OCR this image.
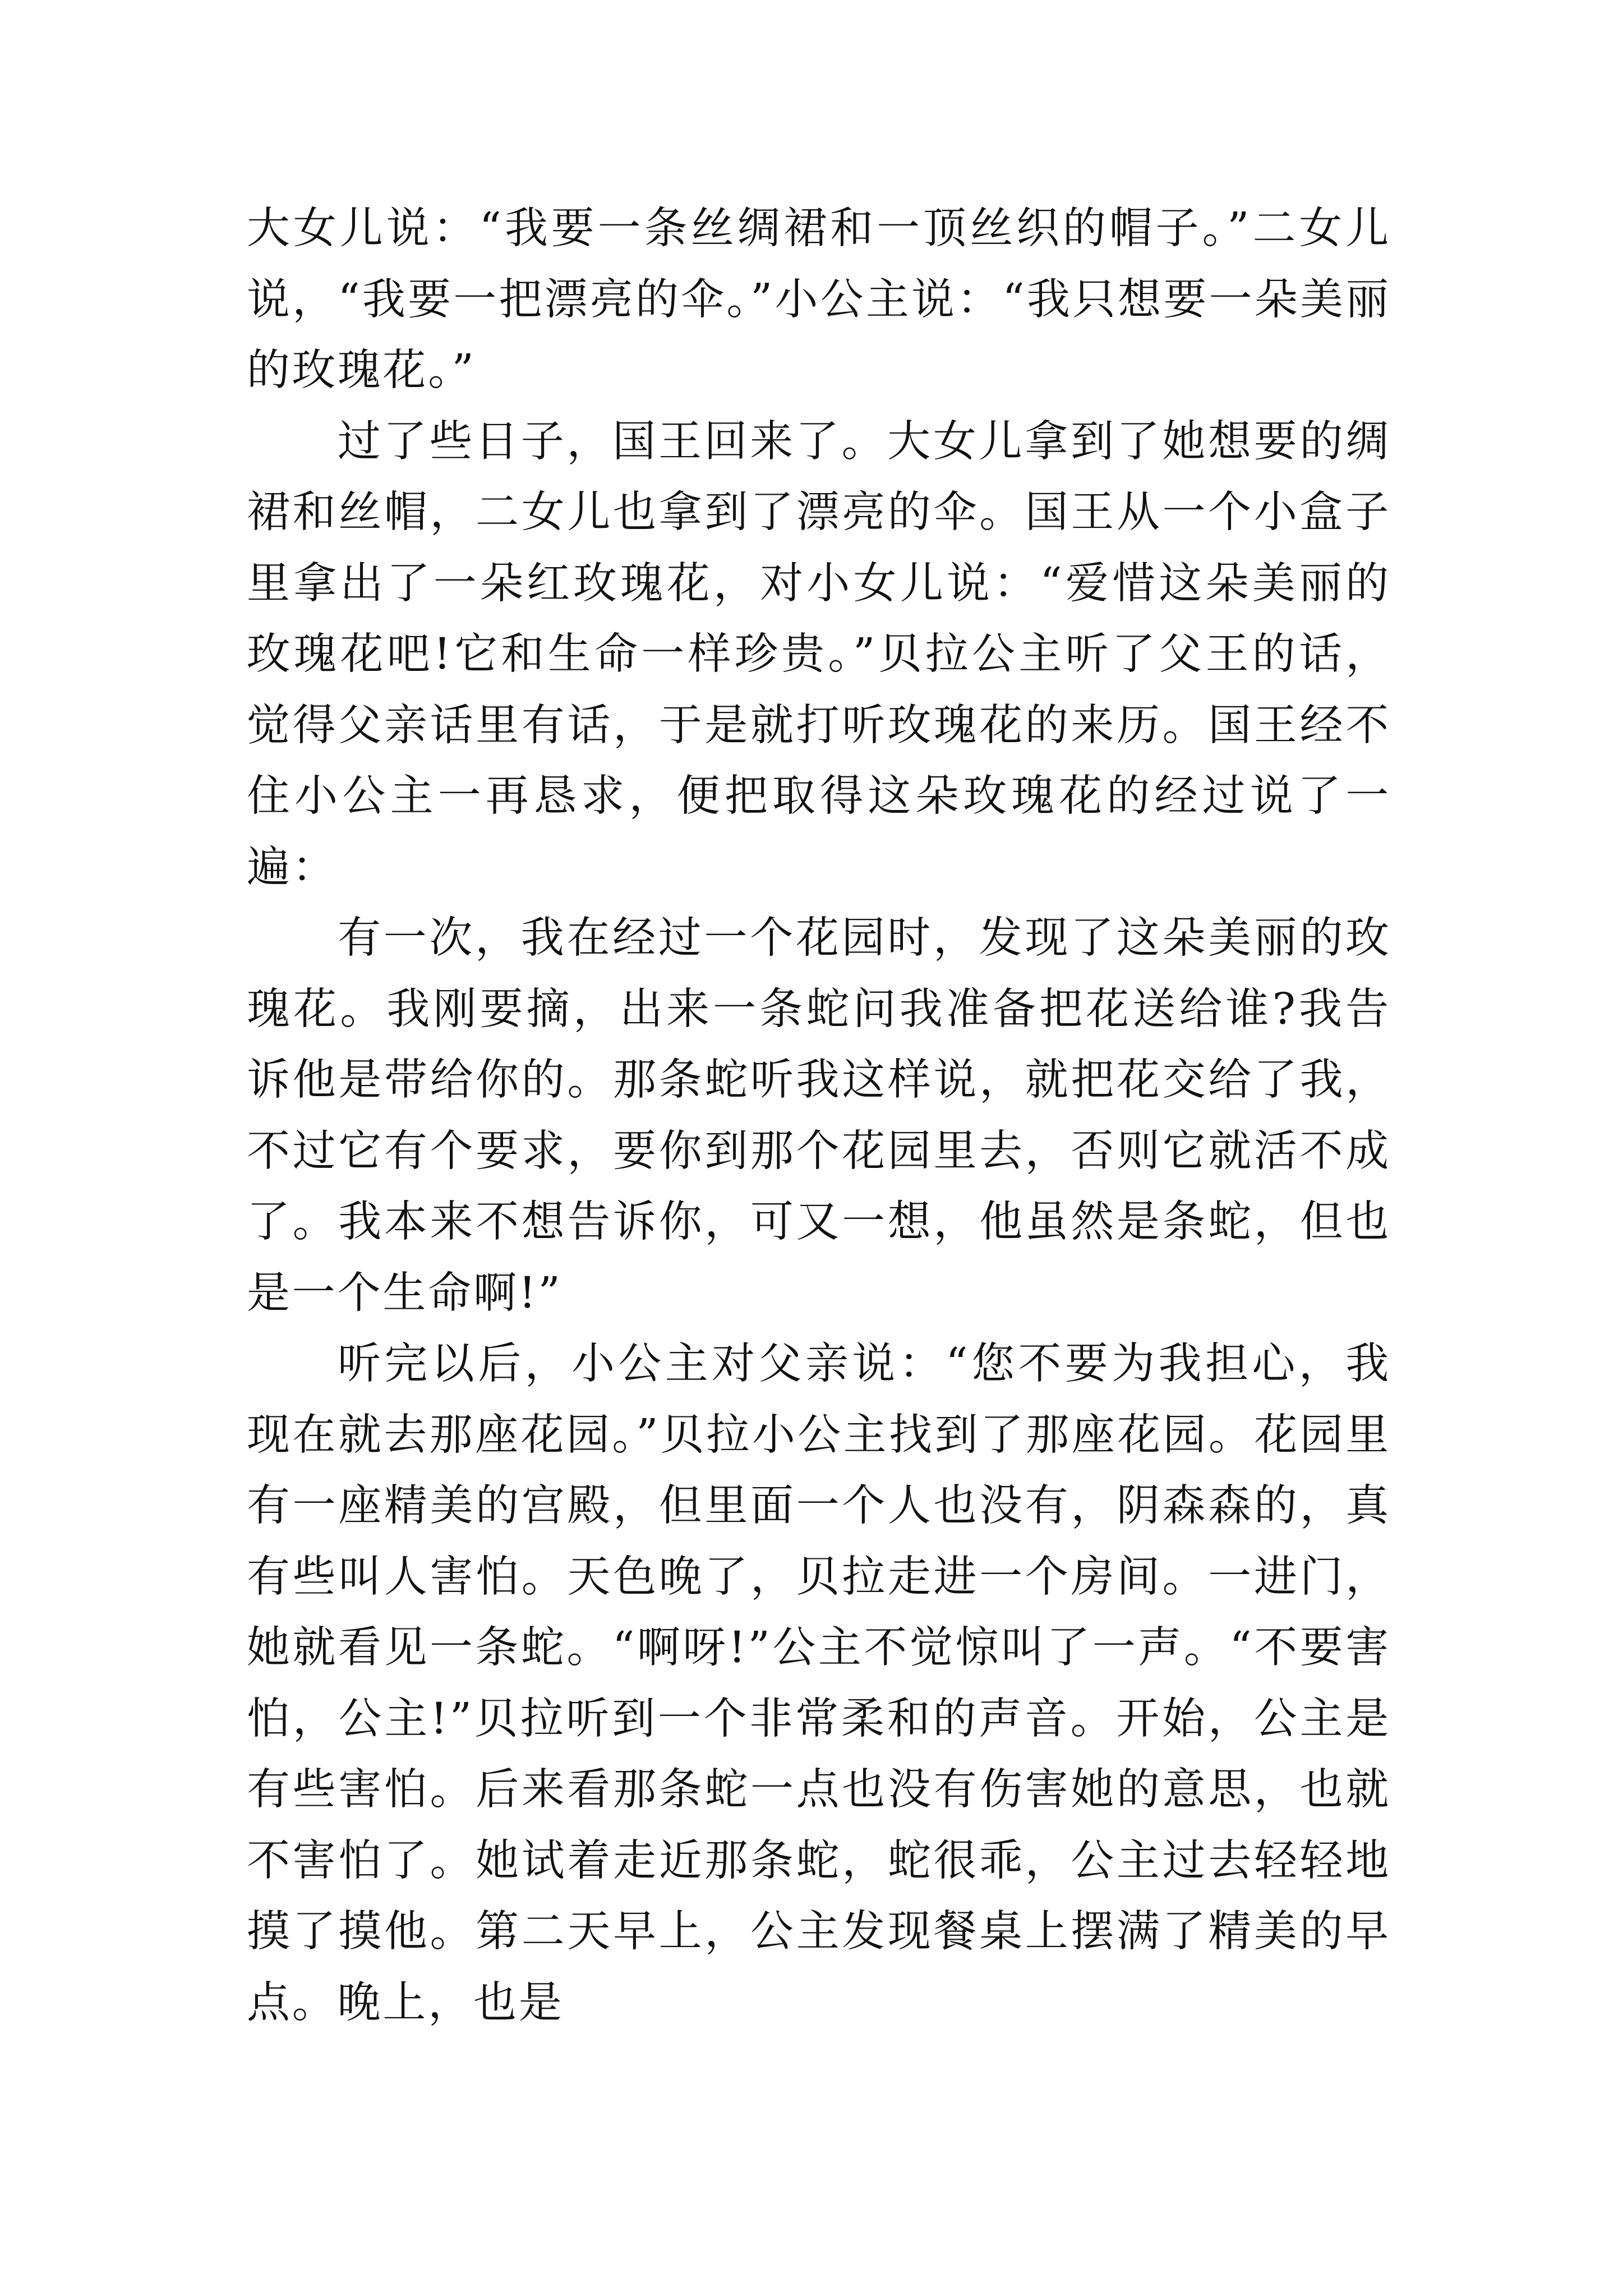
大女儿说：“我要一条丝绸裙和一顶丝织的帽子。”二女儿说，“我要一把漂亮的伞。”小公主说：“我只想要一朵美丽的玫瑰花。”

过了些日子，国王回来了。大女儿拿到了她想要的绸裙和丝帽，二女儿也拿到了漂亮的伞。国王从一个小盒子里拿出了一朵红玫瑰花，对小女儿说：“爱惜这朵美丽的玫瑰花吧!它和生命一样珍贵。”贝拉公主听了父王的话，觉得父亲话里有话，于是就打听玫瑰花的来历。国王经不住小公主一再恳求，便把取得这朵玫瑰花的经过说了一遍：

有一次，我在经过一个花园时，发现了这朵美丽的玫瑰花。我刚要摘，出来一条蛇问我准备把花送给谁?我告诉他是带给你的。那条蛇听我这样说，就把花交给了我，不过它有个要求，要你到那个花园里去，否则它就活不成了。我本来不想告诉你，可又一想，他虽然是条蛇，但也是一个生命啊!”

听完以后，小公主对父亲说：“您不要为我担心，我现在就去那座花园。”贝拉小公主找到了那座花园。花园里有一座精美的宫殿，但里面一个人也没有，阴森森的，真有些叫人害怕。天色晚了，贝拉走进一个房间。一进门，她就看见一条蛇。“啊呀!”公主不觉惊叫了一声。“不要害怕，公主!”贝拉听到一个非常柔和的声音。开始，公主是有些害怕。后来看那条蛇一点也没有伤害她的意思，也就不害怕了。她试着走近那条蛇，蛇很乖，公主过去轻轻地摸了摸他。第二天早上，公主发现餐桌上摆满了精美的早点。晚上，也是
